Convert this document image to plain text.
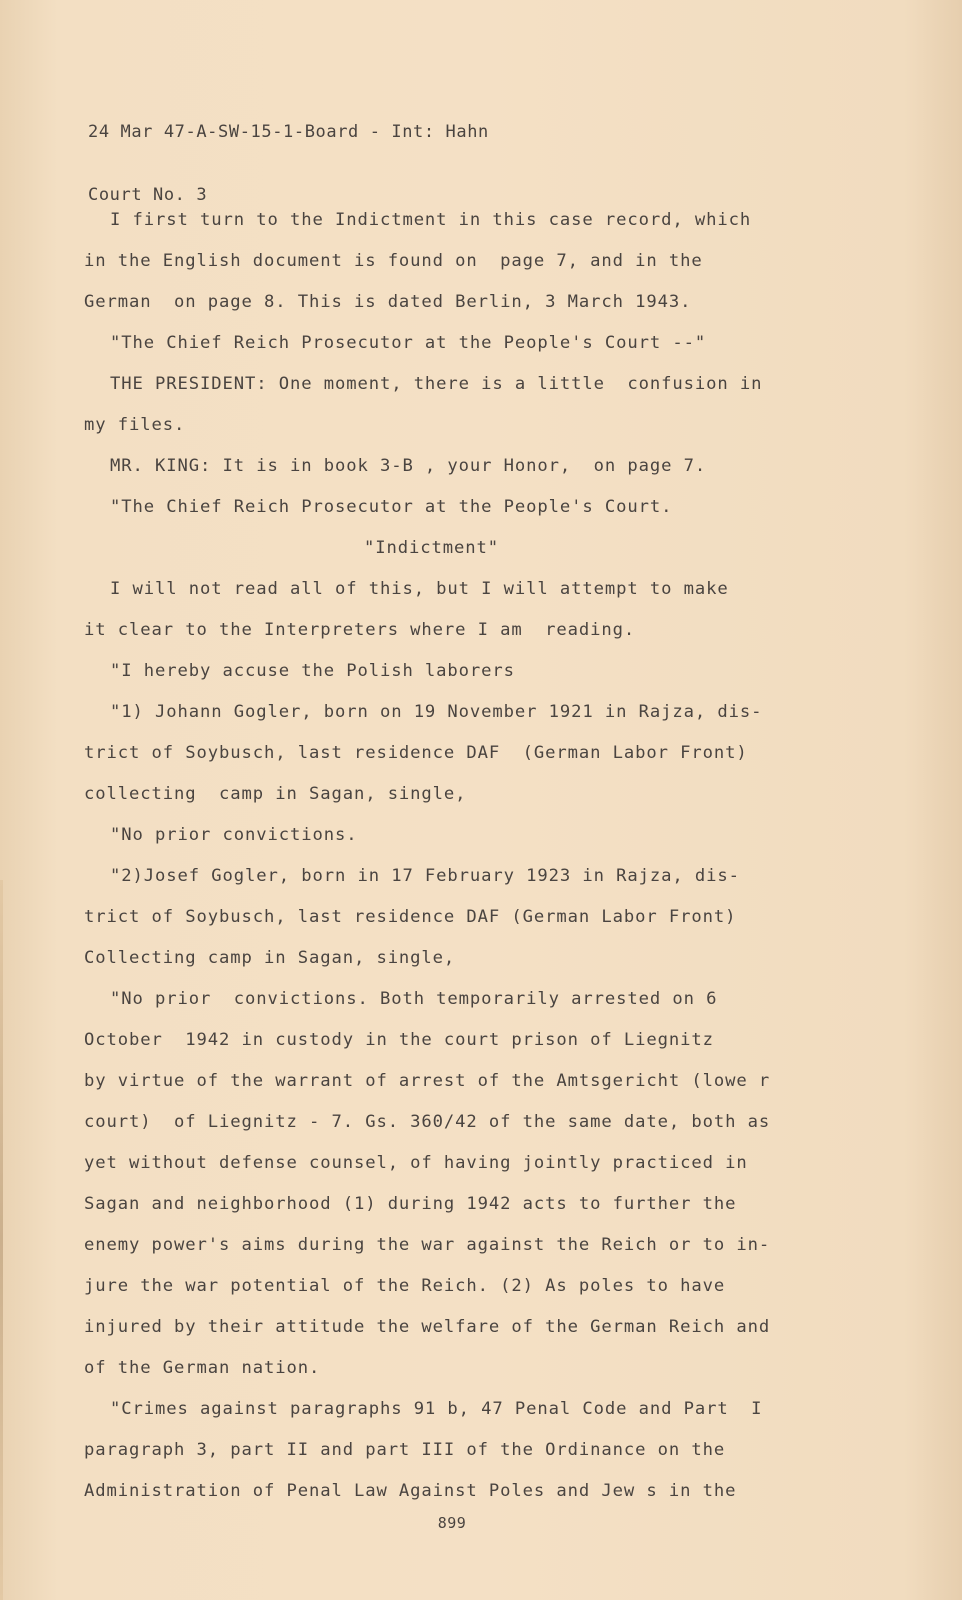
24 Mar 47-A-SW-15-1-Board - Int: Hahn

Court No. 3

I first turn to the Indictment in this case record, which
in the English document is found on  page 7, and in the
German  on page 8. This is dated Berlin, 3 March 1943.
"The Chief Reich Prosecutor at the People's Court --"
THE PRESIDENT: One moment, there is a little  confusion in
my files.
MR. KING: It is in book 3-B , your Honor,  on page 7.
"The Chief Reich Prosecutor at the People's Court.
"Indictment"
I will not read all of this, but I will attempt to make
it clear to the Interpreters where I am  reading.
"I hereby accuse the Polish laborers
"1) Johann Gogler, born on 19 November 1921 in Rajza, dis-
trict of Soybusch, last residence DAF  (German Labor Front)
collecting  camp in Sagan, single,
"No prior convictions.
"2)Josef Gogler, born in 17 February 1923 in Rajza, dis-
trict of Soybusch, last residence DAF (German Labor Front)
Collecting camp in Sagan, single,
"No prior  convictions. Both temporarily arrested on 6
October  1942 in custody in the court prison of Liegnitz
by virtue of the warrant of arrest of the Amtsgericht (lowe r
court)  of Liegnitz - 7. Gs. 360/42 of the same date, both as
yet without defense counsel, of having jointly practiced in
Sagan and neighborhood (1) during 1942 acts to further the
enemy power's aims during the war against the Reich or to in-
jure the war potential of the Reich. (2) As poles to have
injured by their attitude the welfare of the German Reich and
of the German nation.
"Crimes against paragraphs 91 b, 47 Penal Code and Part  I
paragraph 3, part II and part III of the Ordinance on the
Administration of Penal Law Against Poles and Jew s in the
899
